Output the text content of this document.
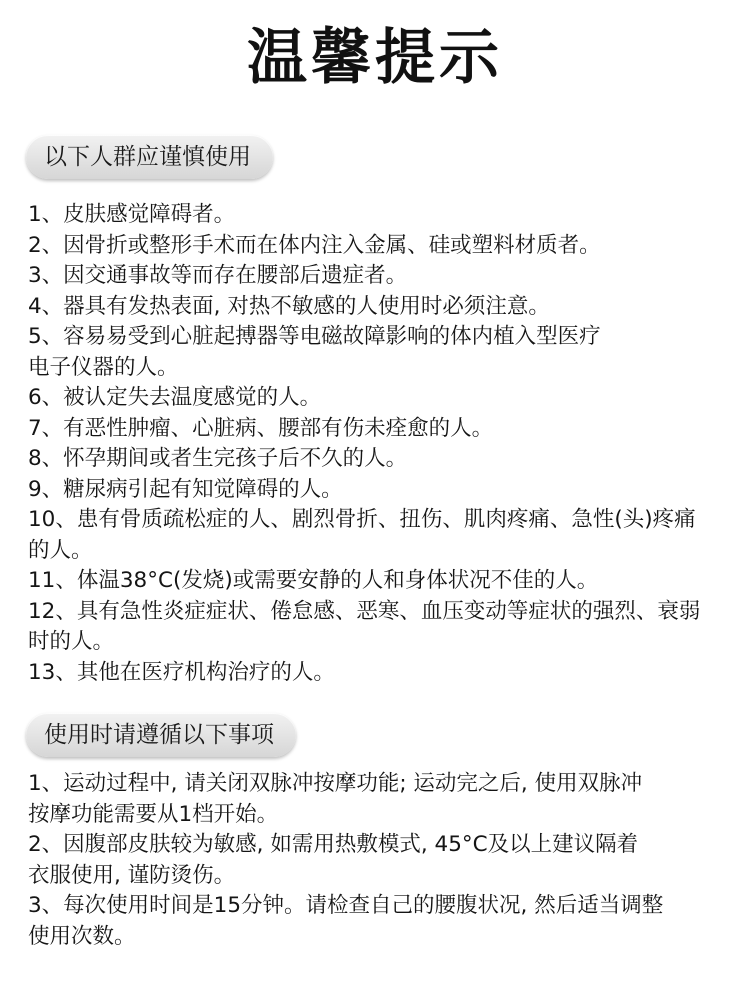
温馨提示
以下人群应谨慎使用
1、皮肤感觉障碍者。
2、因骨折或整形手术而在体内注入金属、硅或塑料材质者。
3、因交通事故等而存在腰部后遗症者。
4、器具有发热表面, 对热不敏感的人使用时必须注意。
5、容易易受到心脏起搏器等电磁故障影响的体内植入型医疗
电子仪器的人。
6、被认定失去温度感觉的人。
7、有恶性肿瘤、心脏病、腰部有伤未痊愈的人。
8、怀孕期间或者生完孩子后不久的人。
9、糖尿病引起有知觉障碍的人。
10、患有骨质疏松症的人、剧烈骨折、扭伤、肌肉疼痛、急性(头)疼痛
的人。
11、体温38°C(发烧)或需要安静的人和身体状况不佳的人。
12、具有急性炎症症状、倦怠感、恶寒、血压变动等症状的强烈、衰弱
时的人。
13、其他在医疗机构治疗的人。
使用时请遵循以下事项
1、运动过程中, 请关闭双脉冲按摩功能; 运动完之后, 使用双脉冲
按摩功能需要从1档开始。
2、因腹部皮肤较为敏感, 如需用热敷模式, 45°C及以上建议隔着
衣服使用, 谨防烫伤。
3、每次使用时间是15分钟。请检查自己的腰腹状况, 然后适当调整
使用次数。
